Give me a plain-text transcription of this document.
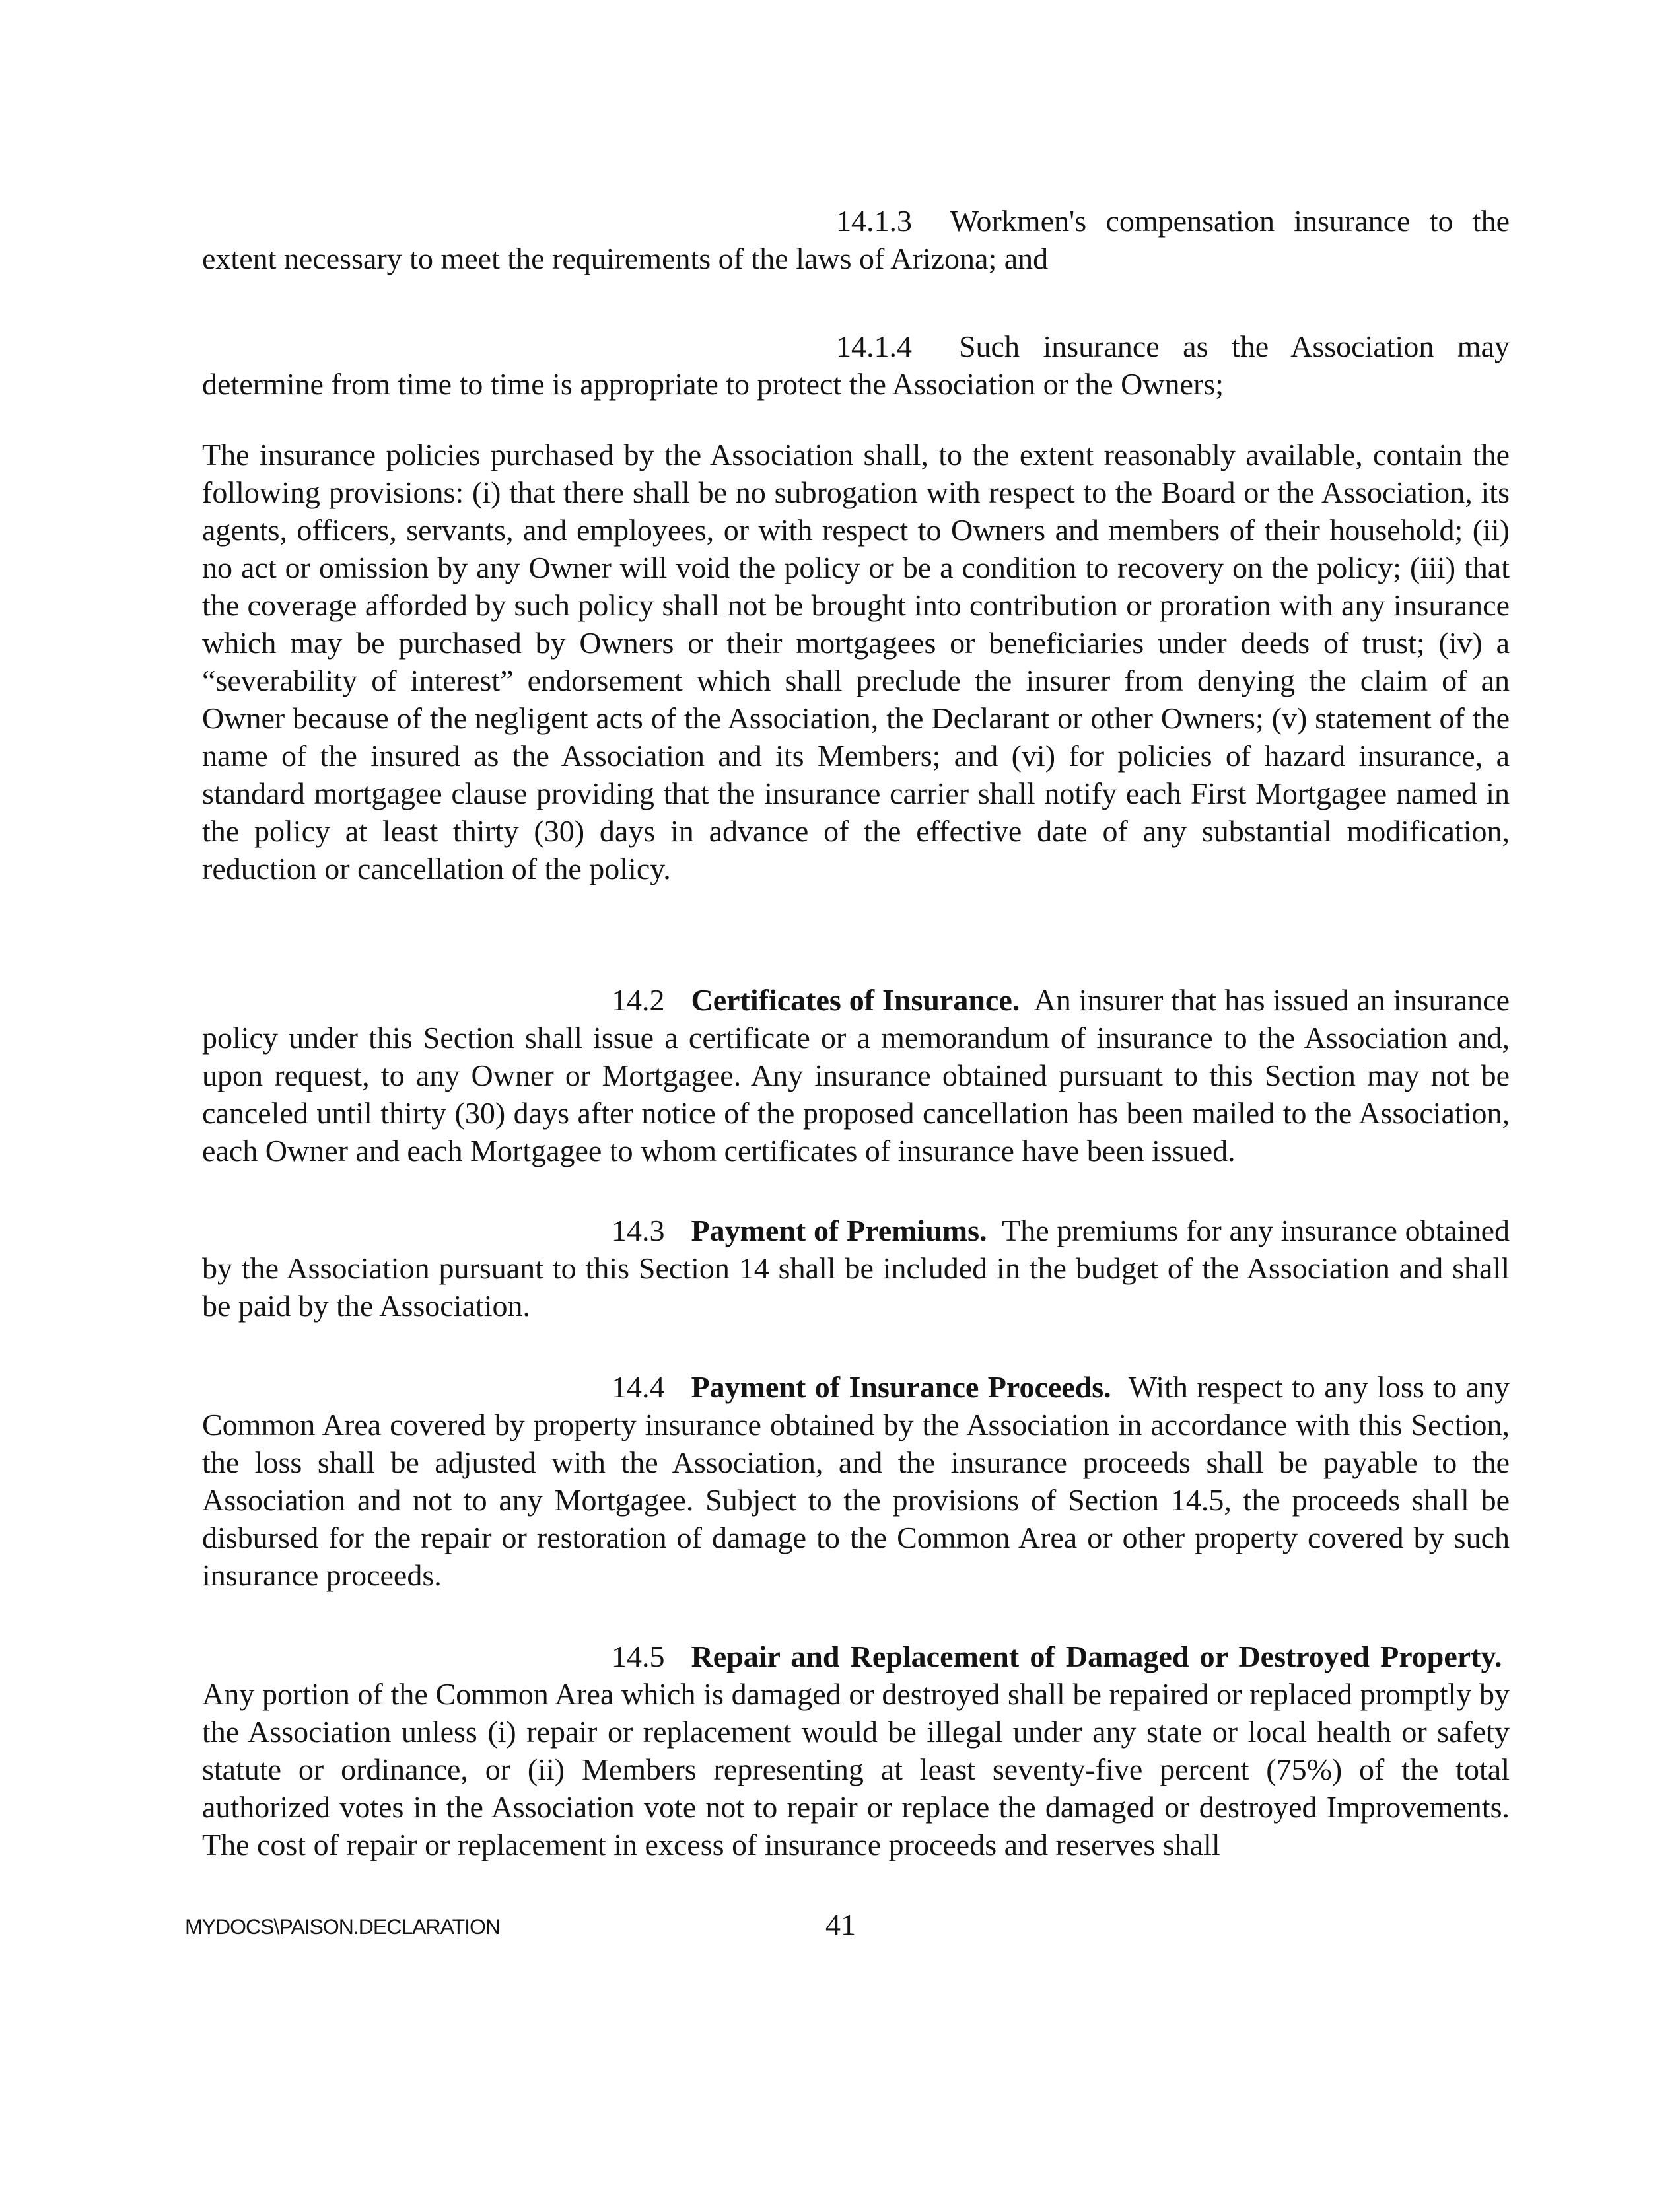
14.1.3 Workmen's compensation insurance to the extent necessary to meet the requirements of the laws of Arizona; and

14.1.4 Such insurance as the Association may determine from time to time is appropriate to protect the Association or the Owners;

The insurance policies purchased by the Association shall, to the extent reasonably available, contain the following provisions: (i) that there shall be no subrogation with respect to the Board or the Association, its agents, officers, servants, and employees, or with respect to Owners and members of their household; (ii) no act or omission by any Owner will void the policy or be a condition to recovery on the policy; (iii) that the coverage afforded by such policy shall not be brought into contribution or proration with any insurance which may be purchased by Owners or their mortgagees or beneficiaries under deeds of trust; (iv) a “severability of interest” endorsement which shall preclude the insurer from denying the claim of an Owner because of the negligent acts of the Association, the Declarant or other Owners; (v) statement of the name of the insured as the Association and its Members; and (vi) for policies of hazard insurance, a standard mortgagee clause providing that the insurance carrier shall notify each First Mortgagee named in the policy at least thirty (30) days in advance of the effective date of any substantial modification, reduction or cancellation of the policy.

14.2 Certificates of Insurance. An insurer that has issued an insurance policy under this Section shall issue a certificate or a memorandum of insurance to the Association and, upon request, to any Owner or Mortgagee. Any insurance obtained pursuant to this Section may not be canceled until thirty (30) days after notice of the proposed cancellation has been mailed to the Association, each Owner and each Mortgagee to whom certificates of insurance have been issued.

14.3 Payment of Premiums. The premiums for any insurance obtained by the Association pursuant to this Section 14 shall be included in the budget of the Association and shall be paid by the Association.

14.4 Payment of Insurance Proceeds. With respect to any loss to any Common Area covered by property insurance obtained by the Association in accordance with this Section, the loss shall be adjusted with the Association, and the insurance proceeds shall be payable to the Association and not to any Mortgagee. Subject to the provisions of Section 14.5, the proceeds shall be disbursed for the repair or restoration of damage to the Common Area or other property covered by such insurance proceeds.

14.5 Repair and Replacement of Damaged or Destroyed Property.  Any portion of the Common Area which is damaged or destroyed shall be repaired or replaced promptly by the Association unless (i) repair or replacement would be illegal under any state or local health or safety statute or ordinance, or (ii) Members representing at least seventy-five percent (75%) of the total authorized votes in the Association vote not to repair or replace the damaged or destroyed Improvements. The cost of repair or replacement in excess of insurance proceeds and reserves shall

MYDOCS\PAISON.DECLARATION	41
